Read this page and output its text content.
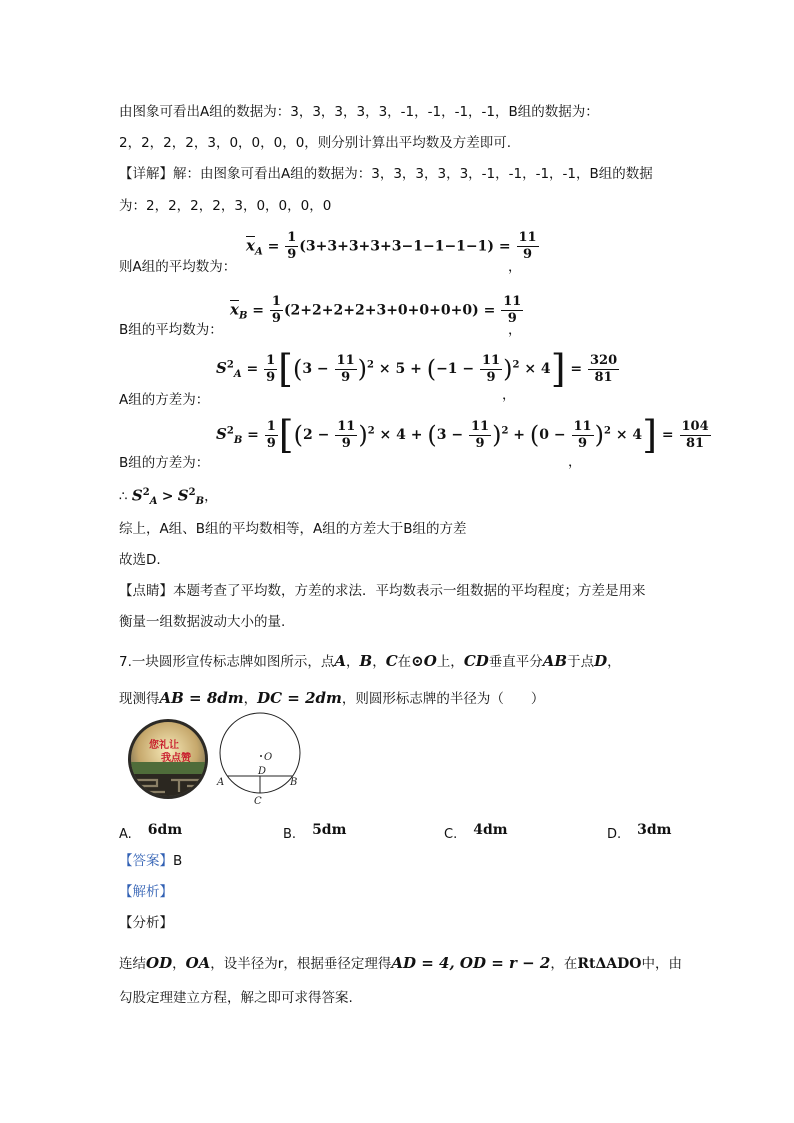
由图象可看出A组的数据为：3，3，3，3，3，-1，-1，-1，-1，B组的数据为：
2，2，2，2，3，0，0，0，0，则分别计算出平均数及方差即可.
【详解】解：由图象可看出A组的数据为：3，3，3，3，3，-1，-1，-1，-1，B组的数据
为：2，2，2，2，3，0，0，0，0
则A组的平均数为：
$\overline{x}_A = \frac{1}{9} (3+3+3+3+3-1-1-1-1) = \frac{11}{9}$
，
B组的平均数为：
$\overline{x}_B = \frac{1}{9} (2+2+2+2+3+0+0+0+0) = \frac{11}{9}$
，
A组的方差为：
$S^2_A = \frac{1}{9} [(3 - \frac{11}{9} )^2 \times 5 + (-1 - \frac{11}{9} )^2 \times 4] = \frac{320}{81}$
，
B组的方差为：
$S^2_B = \frac{1}{9} [(2 - \frac{11}{9} )^2 \times 4 + (3 - \frac{11}{9} )^2 + (0 - \frac{11}{9} )^2 \times 4] = \frac{104}{81}$
，
∴ $S^2_A > S^2_B$，
综上，A组、B组的平均数相等，A组的方差大于B组的方差
故选D.
【点睛】本题考查了平均数，方差的求法．平均数表示一组数据的平均程度；方差是用来
衡量一组数据波动大小的量.
7.一块圆形宣传标志牌如图所示，点A，B，C在⊙O上，CD垂直平分AB于点D，
现测得AB = 8dm，DC = 2dm，则圆形标志牌的半径为（　　）
您礼让
我点赞	O
D
A	B
C
A. 6dm	B. 5dm	C. 4dm	D. 3dm
【答案】B
【解析】
【分析】
连结OD，OA，设半径为r，根据垂径定理得AD = 4, OD = r − 2，在RtΔADO中，由
勾股定理建立方程，解之即可求得答案.
